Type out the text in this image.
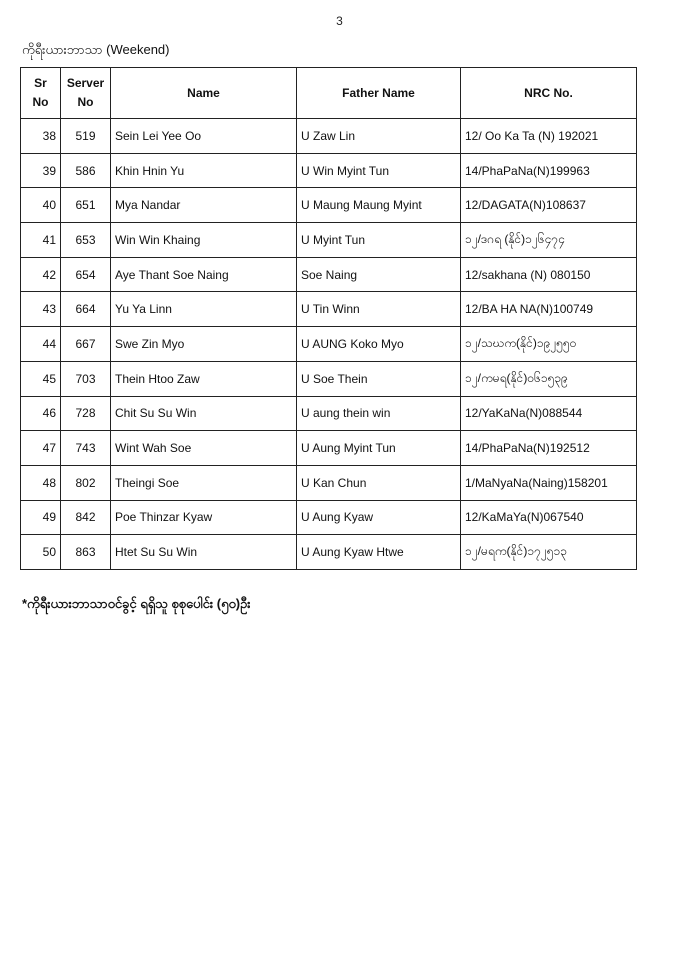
3
ကိုရီးယားဘာသာ (Weekend)
Sr No	Server No	Name	Father Name	NRC No.
38	519	Sein Lei Yee Oo	U Zaw Lin	12/ Oo Ka Ta (N) 192021
39	586	Khin Hnin Yu	U Win Myint Tun	14/PhaPaNa(N)199963
40	651	Mya Nandar	U Maung Maung Myint	12/DAGATA(N)108637
41	653	Win Win Khaing	U Myint Tun	၁၂/ဒဂရ (နိုင်)၁၂၆၄၇၄
42	654	Aye Thant Soe Naing	Soe Naing	12/sakhana (N) 080150
43	664	Yu Ya Linn	U Tin Winn	12/BA HA NA(N)100749
44	667	Swe Zin Myo	U AUNG Koko Myo	၁၂/သဃက(နိုင်)၁၉၂၅၅၀
45	703	Thein Htoo Zaw	U Soe Thein	၁၂/ကမရ(နိုင်)၀၆၁၅၃၉
46	728	Chit Su Su Win	U aung thein win	12/YaKaNa(N)088544
47	743	Wint Wah Soe	U Aung Myint Tun	14/PhaPaNa(N)192512
48	802	Theingi Soe	U Kan Chun	1/MaNyaNa(Naing)158201
49	842	Poe Thinzar Kyaw	U Aung Kyaw	12/KaMaYa(N)067540
50	863	Htet Su Su Win	U Aung Kyaw Htwe	၁၂/မရက(နိုင်)၁၇၂၅၁၃
*ကိုရီးယားဘာသာဝင်ခွင့် ရရှိသူ စုစုပေါင်း (၅၀)ဦး
